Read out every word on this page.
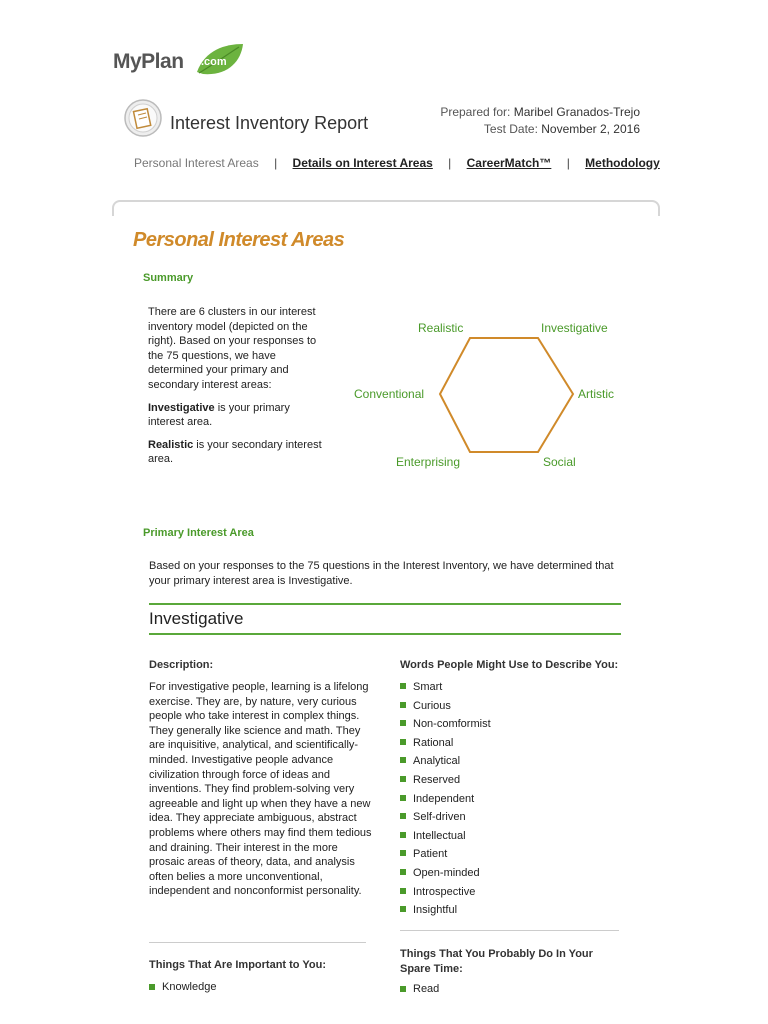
MyPlan .com
Interest Inventory Report
Prepared for: Maribel Granados-Trejo
Test Date: November 2, 2016
Personal Interest Areas | Details on Interest Areas | CareerMatch™ | Methodology
Personal Interest Areas
Summary

There are 6 clusters in our interest inventory model (depicted on the right). Based on your responses to the 75 questions, we have determined your primary and secondary interest areas:

Investigative is your primary interest area.

Realistic is your secondary interest area.

Realistic	Investigative
Conventional	Artistic
Enterprising	Social
Primary Interest Area
Based on your responses to the 75 questions in the Interest Inventory, we have determined that your primary interest area is Investigative.
Investigative
Description:
For investigative people, learning is a lifelong exercise. They are, by nature, very curious people who take interest in complex things. They generally like science and math. They are inquisitive, analytical, and scientifically-minded. Investigative people advance civilization through force of ideas and inventions. They find problem-solving very agreeable and light up when they have a new idea. They appreciate ambiguous, abstract problems where others may find them tedious and draining. Their interest in the more prosaic areas of theory, data, and analysis often belies a more unconventional, independent and nonconformist personality.
Words People Might Use to Describe You:
Smart
Curious
Non-comformist
Rational
Analytical
Reserved
Independent
Self-driven
Intellectual
Patient
Open-minded
Introspective
Insightful
Things That Are Important to You:
Knowledge
Things That You Probably Do In Your Spare Time:
Read
